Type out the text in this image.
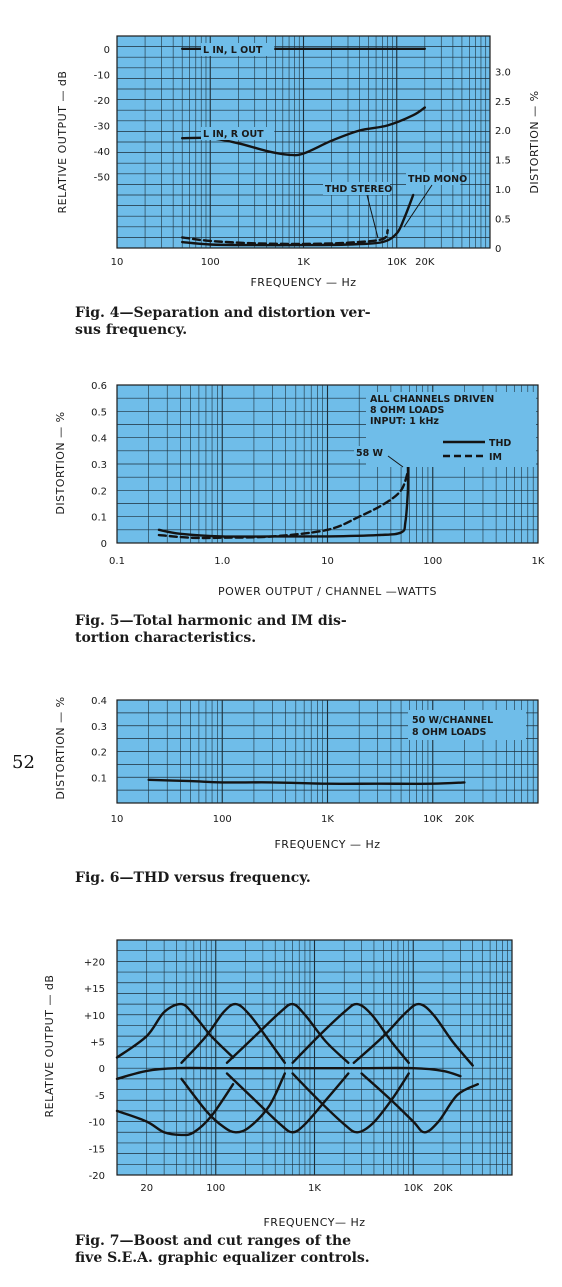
52
10	100	1K	10K 20K
0
-10
-20
-30
-40
-50
3.0
2.5
2.0
1.5
1.0
0.5
0
FREQUENCY — Hz
RELATIVE OUTPUT — dB	DISTORTION — %
L IN, L OUT
L IN, R OUT
THD STEREO
THD MONO
Fig. 4—Separation and distortion ver-
sus frequency.
0.1	1.0	10	100	1K
0.6
0.5
0.4
0.3
0.2
0.1
0
POWER OUTPUT / CHANNEL —WATTS
DISTORTION — %
ALL CHANNELS DRIVEN
8 OHM LOADS
INPUT: 1 kHz
THD
IM
58 W
Fig. 5—Total harmonic and IM dis-
tortion characteristics.
10	100	1K	10K 20K
0.4
0.3
0.2
0.1
FREQUENCY — Hz
DISTORTION — %	50 W/CHANNEL
8 OHM LOADS
Fig. 6—THD versus frequency.
20	100	1K	10K 20K
+20
+15
+10
+5
0
-5
-10
-15
-20
FREQUENCY— Hz
RELATIVE OUTPUT — dB
Fig. 7—Boost and cut ranges of the
five S.E.A. graphic equalizer controls.
